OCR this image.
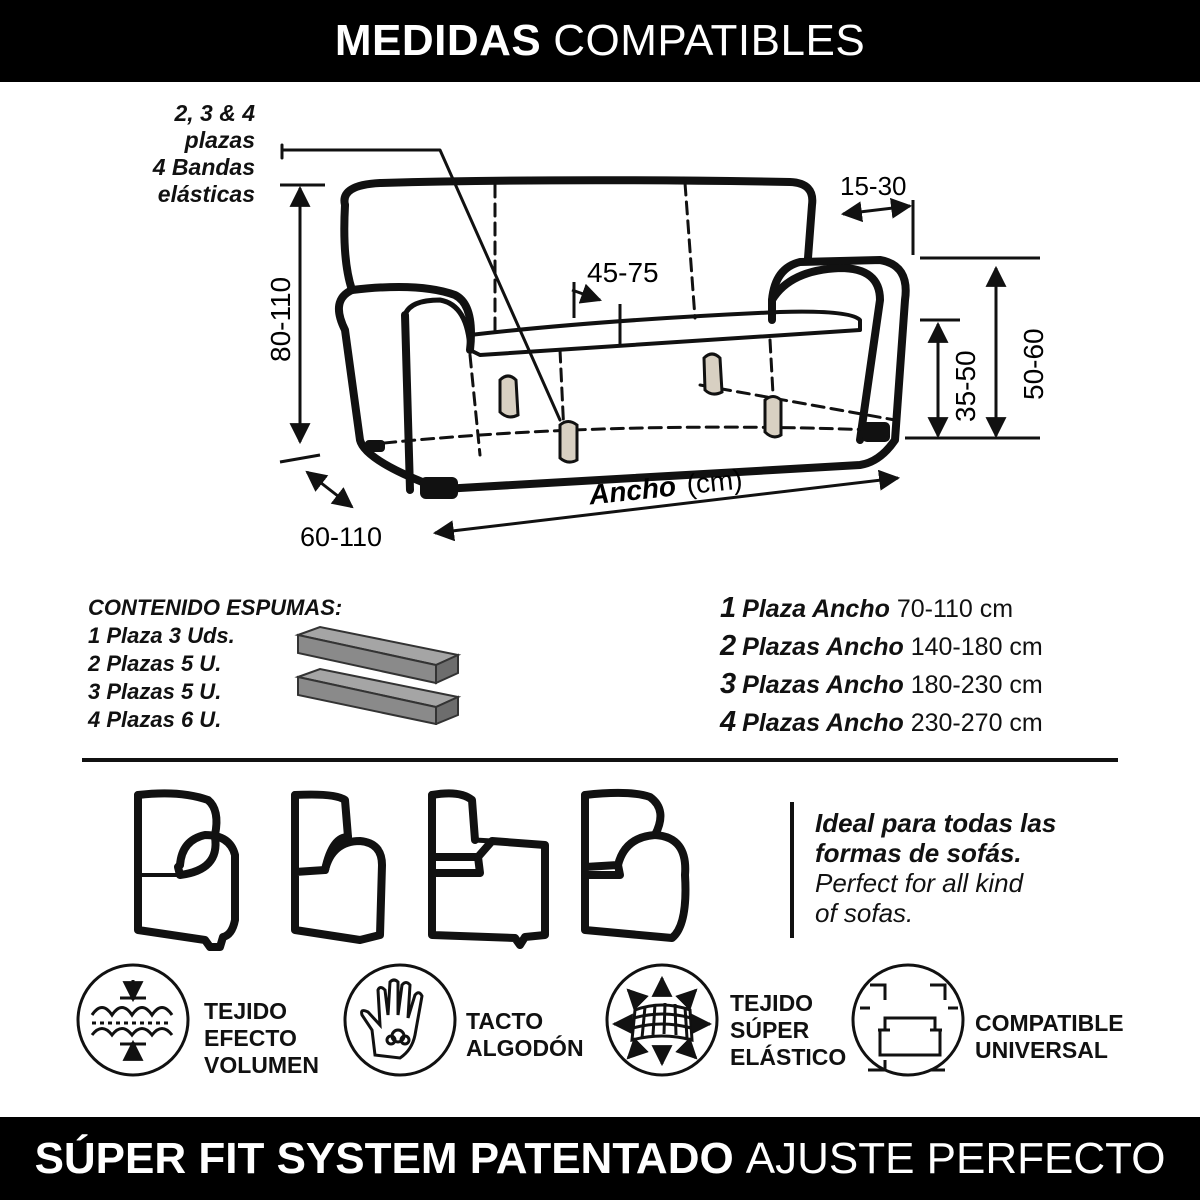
MEDIDAS COMPATIBLES
2, 3 & 4
plazas
4 Bandas
elásticas
45-75
15-30
80-110
35-50 50-60
60-110
Ancho (cm)
CONTENIDO ESPUMAS:
1 Plaza 3 Uds.
2 Plazas 5 U.
3 Plazas 5 U.
4 Plazas 6 U.
1 Plaza Ancho 70-110 cm
2 Plazas Ancho 140-180 cm
3 Plazas Ancho 180-230 cm
4 Plazas Ancho 230-270 cm
Ideal para todas las
formas de sofás.
Perfect for all kind
of sofas.
TEJIDO
EFECTO
VOLUMEN
TACTO
ALGODÓN
TEJIDO
SÚPER
ELÁSTICO
COMPATIBLE
UNIVERSAL
SÚPER FIT SYSTEM PATENTADO AJUSTE PERFECTO
